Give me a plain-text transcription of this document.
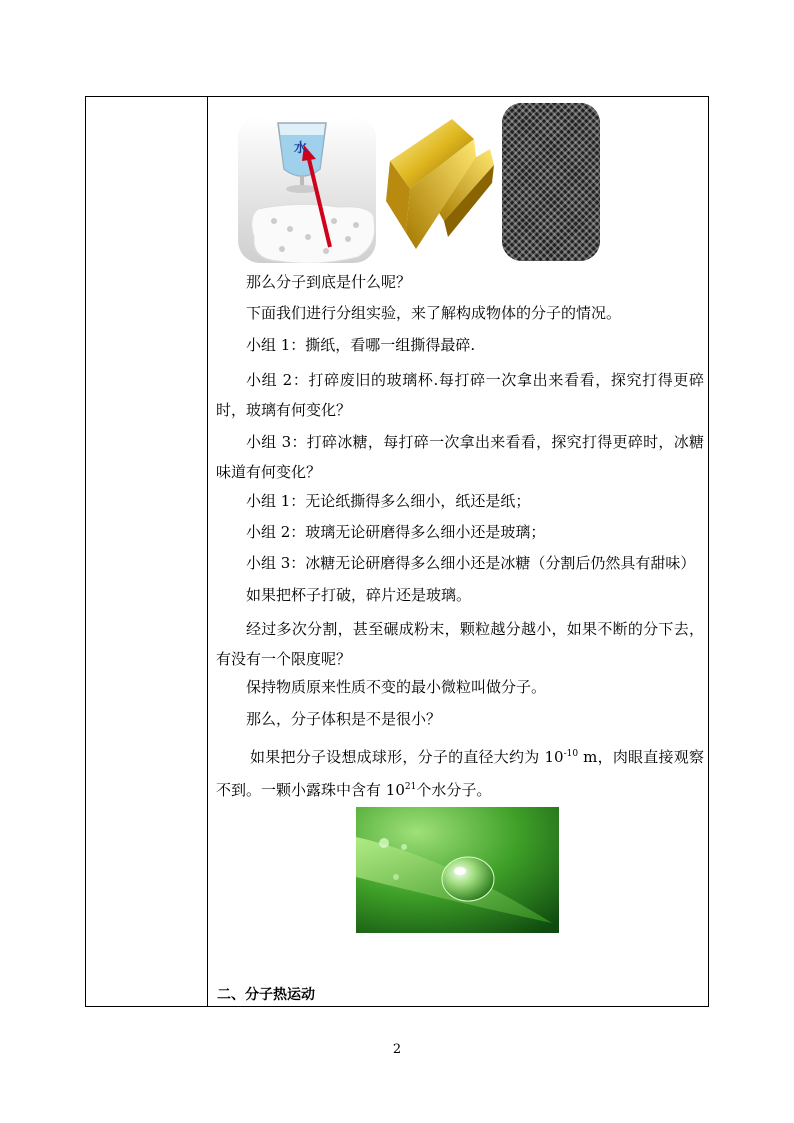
水
那么分子到底是什么呢？
下面我们进行分组实验，来了解构成物体的分子的情况。
小组 1：撕纸，看哪一组撕得最碎.
小组 2：打碎废旧的玻璃杯.每打碎一次拿出来看看，探究打得更碎时，玻璃有何变化？
小组 3：打碎冰糖，每打碎一次拿出来看看，探究打得更碎时，冰糖味道有何变化？
小组 1：无论纸撕得多么细小，纸还是纸；
小组 2：玻璃无论研磨得多么细小还是玻璃；
小组 3：冰糖无论研磨得多么细小还是冰糖（分割后仍然具有甜味）
如果把杯子打破，碎片还是玻璃。
经过多次分割，甚至碾成粉末，颗粒越分越小，如果不断的分下去，有没有一个限度呢？
保持物质原来性质不变的最小微粒叫做分子。
那么，分子体积是不是很小？
如果把分子设想成球形，分子的直径大约为 $10^{-10}$ m，肉眼直接观察不到。一颗小露珠中含有 $10^{21}$个水分子。
二、分子热运动
2
